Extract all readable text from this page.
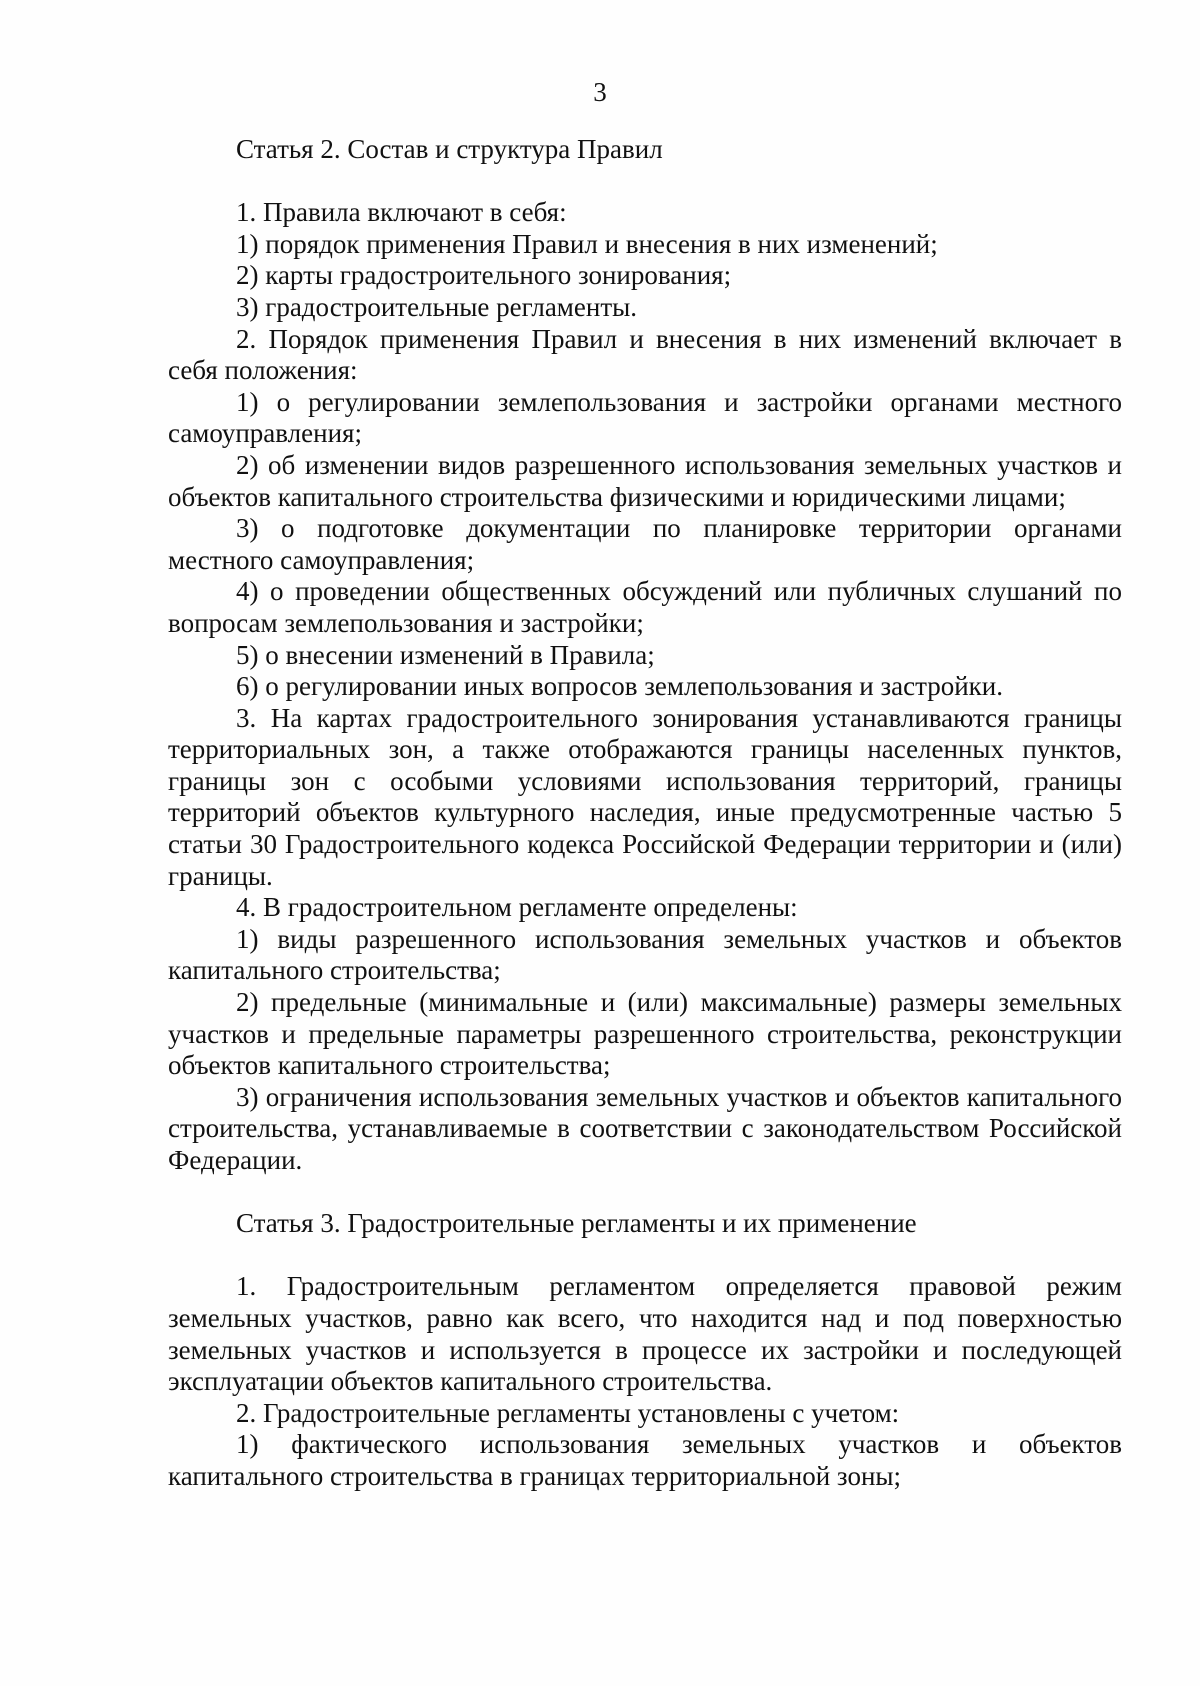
3

Статья 2. Состав и структура Правил

1. Правила включают в себя:

1) порядок применения Правил и внесения в них изменений;

2) карты градостроительного зонирования;

3) градостроительные регламенты.

2. Порядок применения Правил и внесения в них изменений включает в себя положения:

1) о регулировании землепользования и застройки органами местного самоуправления;

2) об изменении видов разрешенного использования земельных участков и объектов капитального строительства физическими и юридическими лицами;

3) о подготовке документации по планировке территории органами местного самоуправления;

4) о проведении общественных обсуждений или публичных слушаний по вопросам землепользования и застройки;

5) о внесении изменений в Правила;

6) о регулировании иных вопросов землепользования и застройки.

3. На картах градостроительного зонирования устанавливаются границы территориальных зон, а также отображаются границы населенных пунктов, границы зон с особыми условиями использования территорий, границы территорий объектов культурного наследия, иные предусмотренные частью 5 статьи 30 Градостроительного кодекса Российской Федерации территории и (или) границы.

4. В градостроительном регламенте определены:

1) виды разрешенного использования земельных участков и объектов капитального строительства;

2) предельные (минимальные и (или) максимальные) размеры земельных участков и предельные параметры разрешенного строительства, реконструкции объектов капитального строительства;

3) ограничения использования земельных участков и объектов капитального строительства, устанавливаемые в соответствии с законодательством Российской Федерации.

Статья 3. Градостроительные регламенты и их применение

1. Градостроительным регламентом определяется правовой режим земельных участков, равно как всего, что находится над и под поверхностью земельных участков и используется в процессе их застройки и последующей эксплуатации объектов капитального строительства.

2. Градостроительные регламенты установлены с учетом:

1) фактического использования земельных участков и объектов капитального строительства в границах территориальной зоны;
